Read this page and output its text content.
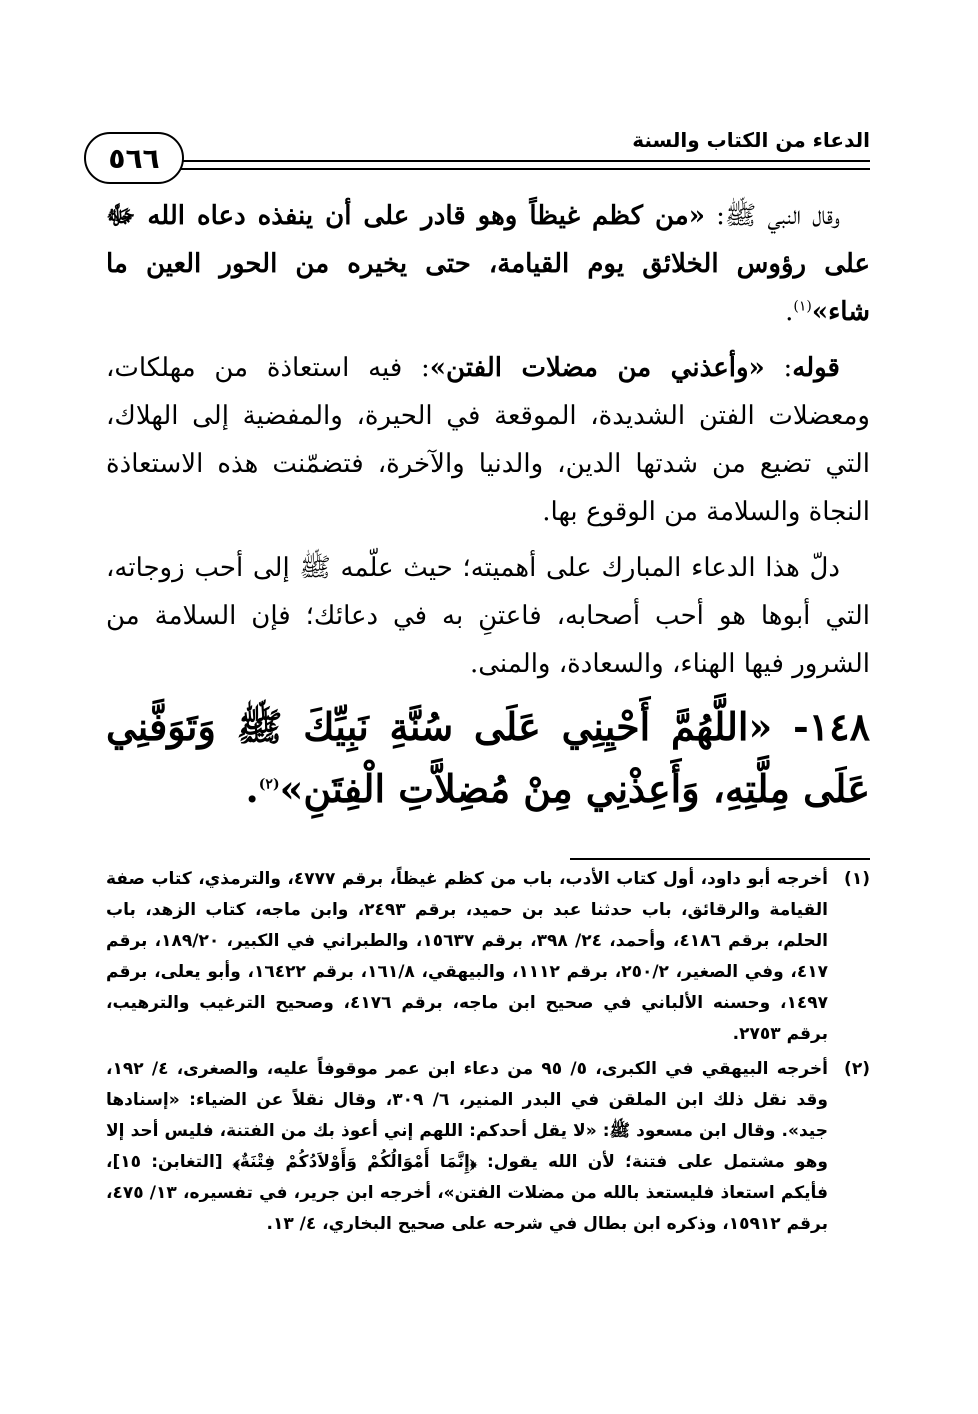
الدعاء من الكتاب والسنة
٥٦٦

وقال النبي ﷺ: «من كظم غيظاً وهو قادر على أن ينفذه دعاه الله ﷻ على رؤوس الخلائق يوم القيامة، حتى يخيره من الحور العين ما شاء»$^{(١)}$.

قوله: «وأعذني من مضلات الفتن»: فيه استعاذة من مهلكات، ومعضلات الفتن الشديدة، الموقعة في الحيرة، والمفضية إلى الهلاك، التي تضيع من شدتها الدين، والدنيا والآخرة، فتضمّنت هذه الاستعاذة النجاة والسلامة من الوقوع بها.

دلّ هذا الدعاء المبارك على أهميته؛ حيث علّمه ﷺ إلى أحب زوجاته، التي أبوها هو أحب أصحابه، فاعتنِ به في دعائك؛ فإن السلامة من الشرور فيها الهناء، والسعادة، والمنى.

١٤٨- «اللَّهُمَّ أَحْيِنِي عَلَى سُنَّةِ نَبِيِّكَ ﷺ وَتَوَفَّنِي عَلَى مِلَّتِهِ، وَأَعِذْنِي مِنْ مُضِلاَّتِ الْفِتَنِ»$^{(٢)}$.

(١)
أخرجه أبو داود، أول كتاب الأدب، باب من كظم غيظاً، برقم ٤٧٧٧، والترمذي، كتاب صفة القيامة والرقائق، باب حدثنا عبد بن حميد، برقم ٢٤٩٣، وابن ماجه، كتاب الزهد، باب الحلم، برقم ٤١٨٦، وأحمد، ٢٤/ ٣٩٨، برقم ١٥٦٣٧، والطبراني في الكبير، ١٨٩/٢٠، برقم ٤١٧، وفي الصغير، ٢٥٠/٢، برقم ١١١٢، والبيهقي، ١٦١/٨، برقم ١٦٤٢٢، وأبو يعلى، برقم ١٤٩٧، وحسنه الألباني في صحيح ابن ماجه، برقم ٤١٧٦، وصحيح الترغيب والترهيب، برقم ٢٧٥٣.
(٢)
أخرجه البيهقي في الكبرى، ٥/ ٩٥ من دعاء ابن عمر موقوفاً عليه، والصغرى، ٤/ ١٩٢، وقد نقل ذلك ابن الملقن في البدر المنير، ٦/ ٣٠٩، وقال نقلاً عن الضياء: «إسنادها جيد». وقال ابن مسعود ﷺ: «لا يقل أحدكم: اللهم إني أعوذ بك من الفتنة، فليس أحد إلا وهو مشتمل على فتنة؛ لأن الله يقول: ﴿إِنَّمَا أَمْوَالُكُمْ وَأَوْلاَدُكُمْ فِتْنَةٌ﴾ [التغابن: ١٥]، فأيكم استعاذ فليستعذ بالله من مضلات الفتن»، أخرجه ابن جرير، في تفسيره، ١٣/ ٤٧٥، برقم ١٥٩١٢، وذكره ابن بطال في شرحه على صحيح البخاري، ٤/ ١٣.
